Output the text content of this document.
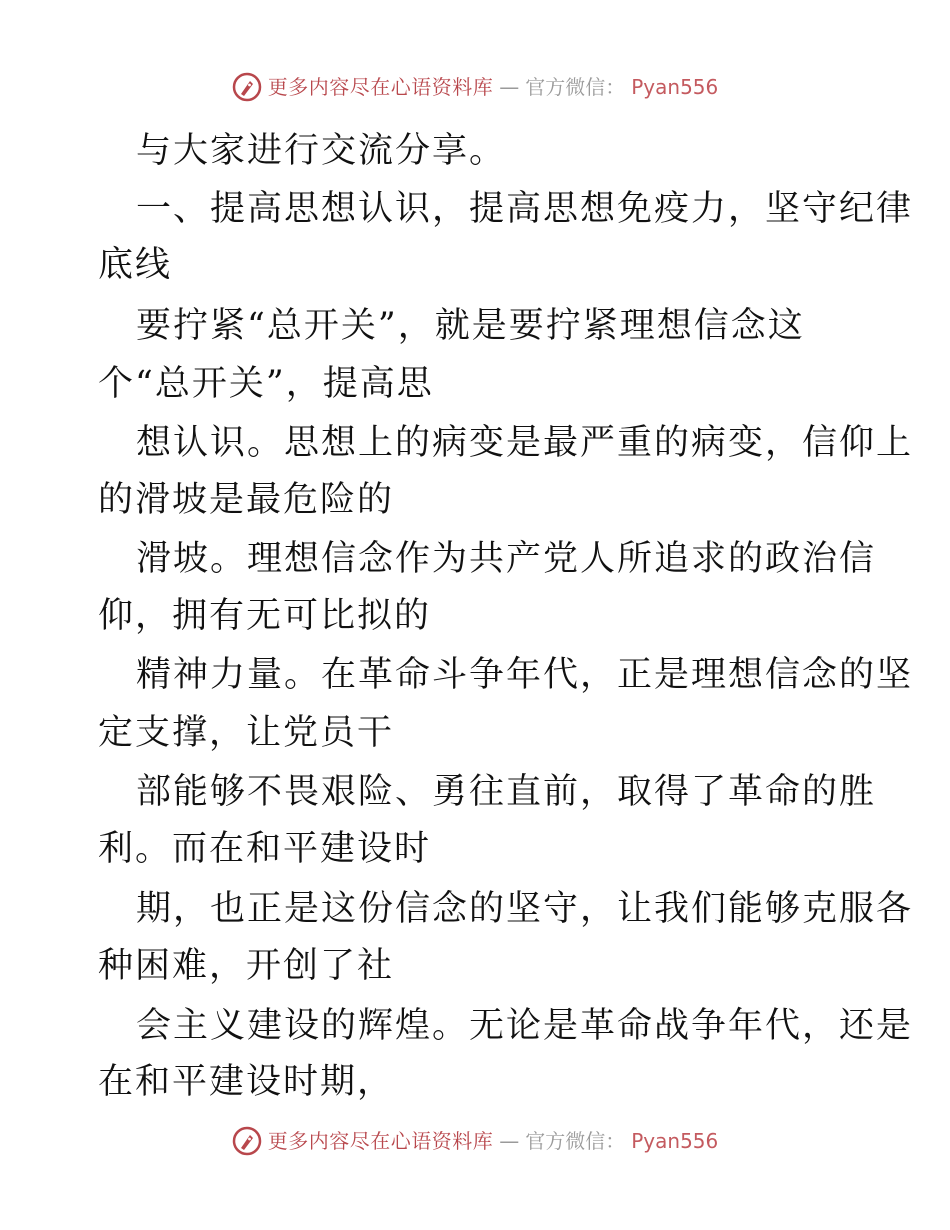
更多内容尽在心语资料库 — 官方微信： Pyan556
与大家进行交流分享。
一、提高思想认识，提高思想免疫力，坚守纪律
底线
要拧紧“总开关”，就是要拧紧理想信念这
个“总开关”，提高思
想认识。思想上的病变是最严重的病变，信仰上
的滑坡是最危险的
滑坡。理想信念作为共产党人所追求的政治信
仰，拥有无可比拟的
精神力量。在革命斗争年代，正是理想信念的坚
定支撑，让党员干
部能够不畏艰险、勇往直前，取得了革命的胜
利。而在和平建设时
期，也正是这份信念的坚守，让我们能够克服各
种困难，开创了社
会主义建设的辉煌。无论是革命战争年代，还是
在和平建设时期，
更多内容尽在心语资料库 — 官方微信： Pyan556
